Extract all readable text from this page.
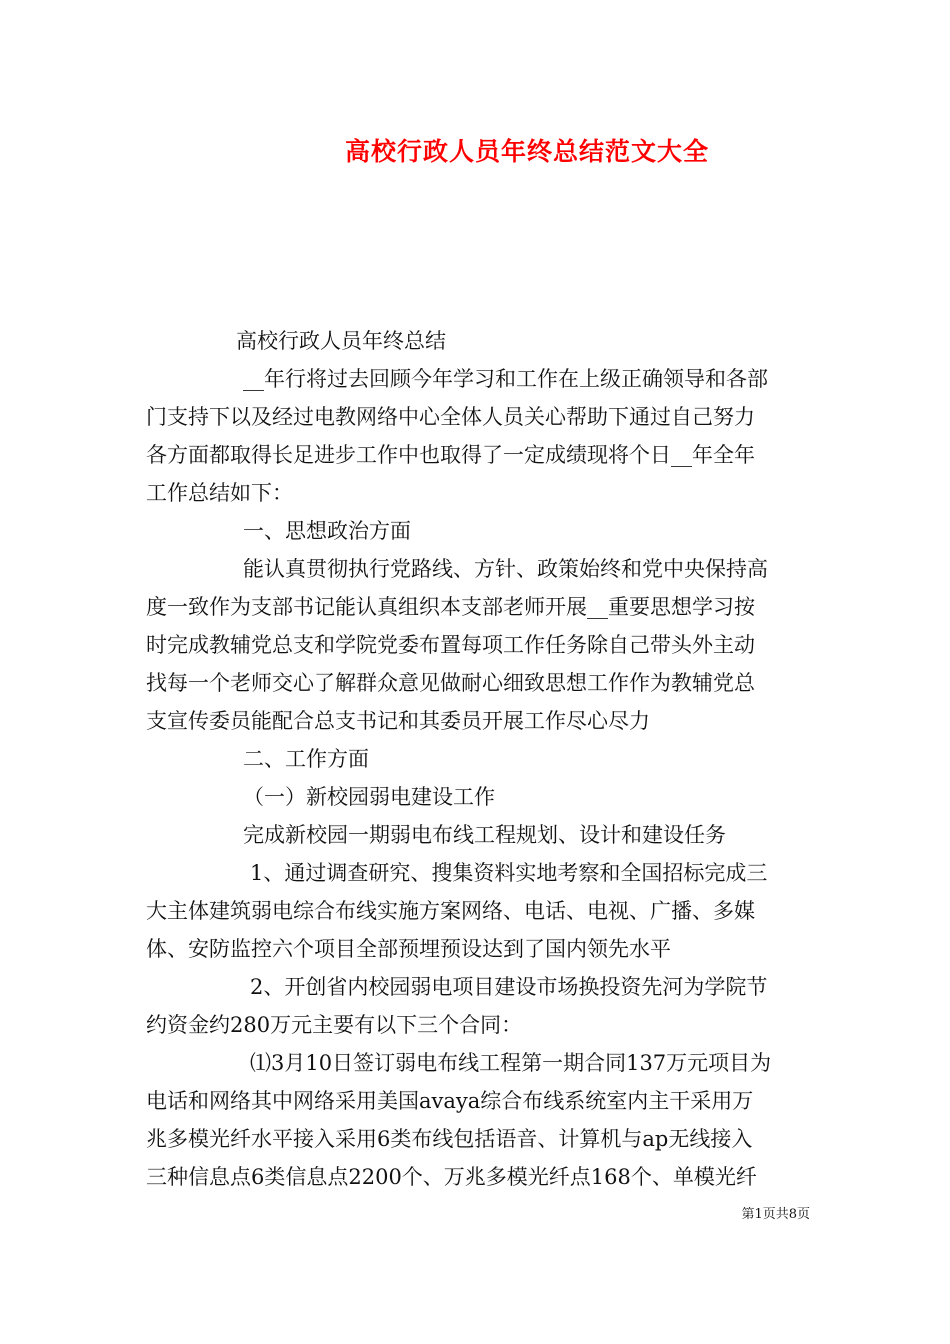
高校行政人员年终总结范文大全
高校行政人员年终总结
__年行将过去回顾今年学习和工作在上级正确领导和各部
门支持下以及经过电教网络中心全体人员关心帮助下通过自己努力
各方面都取得长足进步工作中也取得了一定成绩现将个日__年全年
工作总结如下：
一、思想政治方面
能认真贯彻执行党路线、方针、政策始终和党中央保持高
度一致作为支部书记能认真组织本支部老师开展__重要思想学习按
时完成教辅党总支和学院党委布置每项工作任务除自己带头外主动
找每一个老师交心了解群众意见做耐心细致思想工作作为教辅党总
支宣传委员能配合总支书记和其委员开展工作尽心尽力
二、工作方面
（一）新校园弱电建设工作
完成新校园一期弱电布线工程规划、设计和建设任务
1、通过调查研究、搜集资料实地考察和全国招标完成三
大主体建筑弱电综合布线实施方案网络、电话、电视、广播、多媒
体、安防监控六个项目全部预埋预设达到了国内领先水平
2、开创省内校园弱电项目建设市场换投资先河为学院节
约资金约280万元主要有以下三个合同：
⑴3月10日签订弱电布线工程第一期合同137万元项目为
电话和网络其中网络采用美国avaya综合布线系统室内主干采用万
兆多模光纤水平接入采用6类布线包括语音、计算机与ap无线接入
三种信息点6类信息点2200个、万兆多模光纤点168个、单模光纤
第1页共8页
